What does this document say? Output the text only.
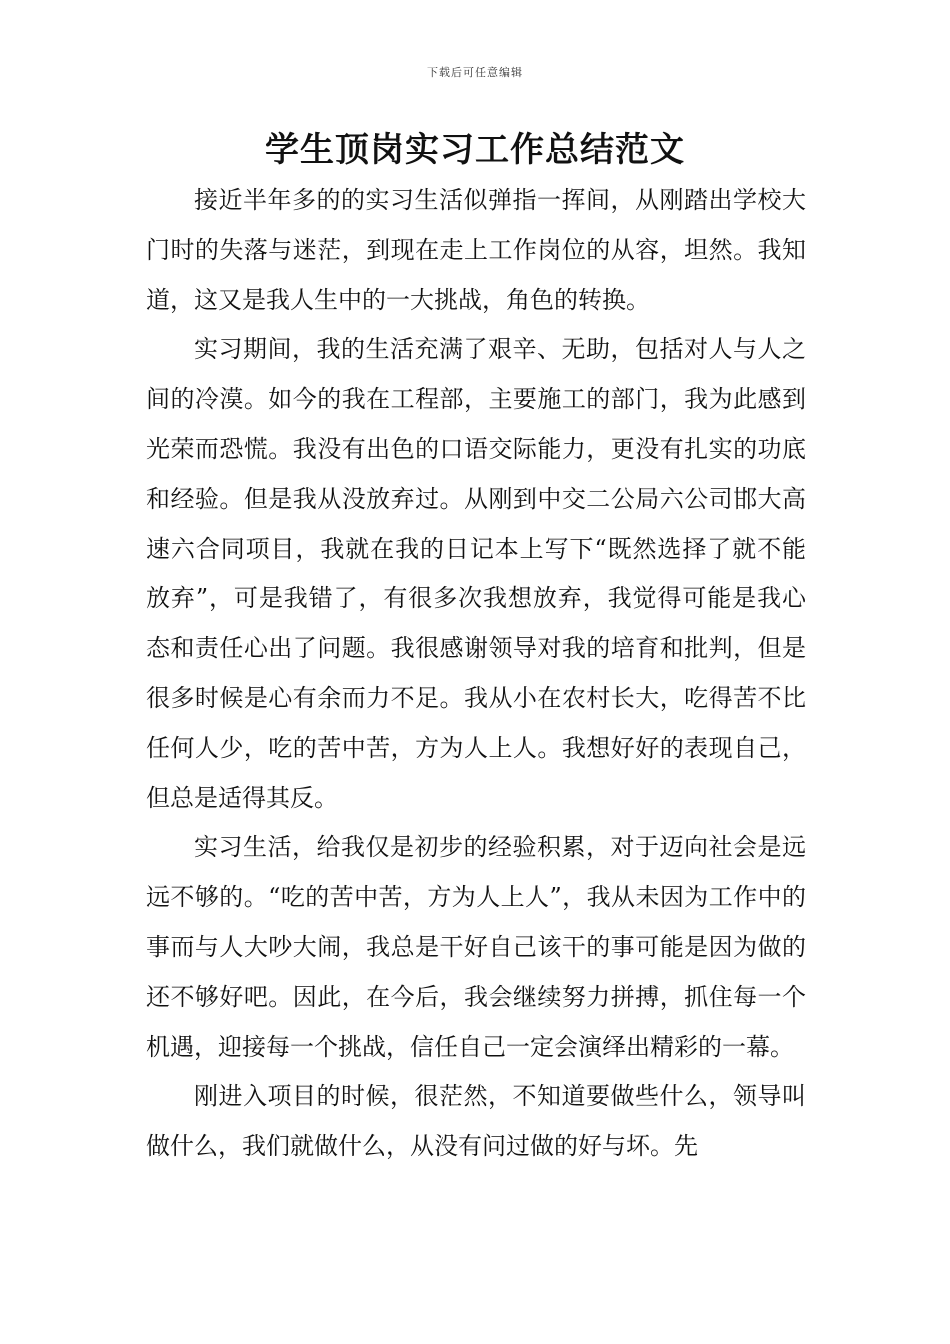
下载后可任意编辑
学生顶岗实习工作总结范文

接近半年多的的实习生活似弹指一挥间，从刚踏出学校大门时的失落与迷茫，到现在走上工作岗位的从容，坦然。我知道，这又是我人生中的一大挑战，角色的转换。

实习期间，我的生活充满了艰辛、无助，包括对人与人之间的冷漠。如今的我在工程部，主要施工的部门，我为此感到光荣而恐慌。我没有出色的口语交际能力，更没有扎实的功底和经验。但是我从没放弃过。从刚到中交二公局六公司邯大高速六合同项目，我就在我的日记本上写下“既然选择了就不能放弃”，可是我错了，有很多次我想放弃，我觉得可能是我心态和责任心出了问题。我很感谢领导对我的培育和批判，但是很多时候是心有余而力不足。我从小在农村长大，吃得苦不比任何人少，吃的苦中苦，方为人上人。我想好好的表现自己，但总是适得其反。

实习生活，给我仅是初步的经验积累，对于迈向社会是远远不够的。“吃的苦中苦，方为人上人”，我从未因为工作中的事而与人大吵大闹，我总是干好自己该干的事可能是因为做的还不够好吧。因此，在今后，我会继续努力拼搏，抓住每一个机遇，迎接每一个挑战，信任自己一定会演绎出精彩的一幕。

刚进入项目的时候，很茫然，不知道要做些什么，领导叫做什么，我们就做什么，从没有问过做的好与坏。先
